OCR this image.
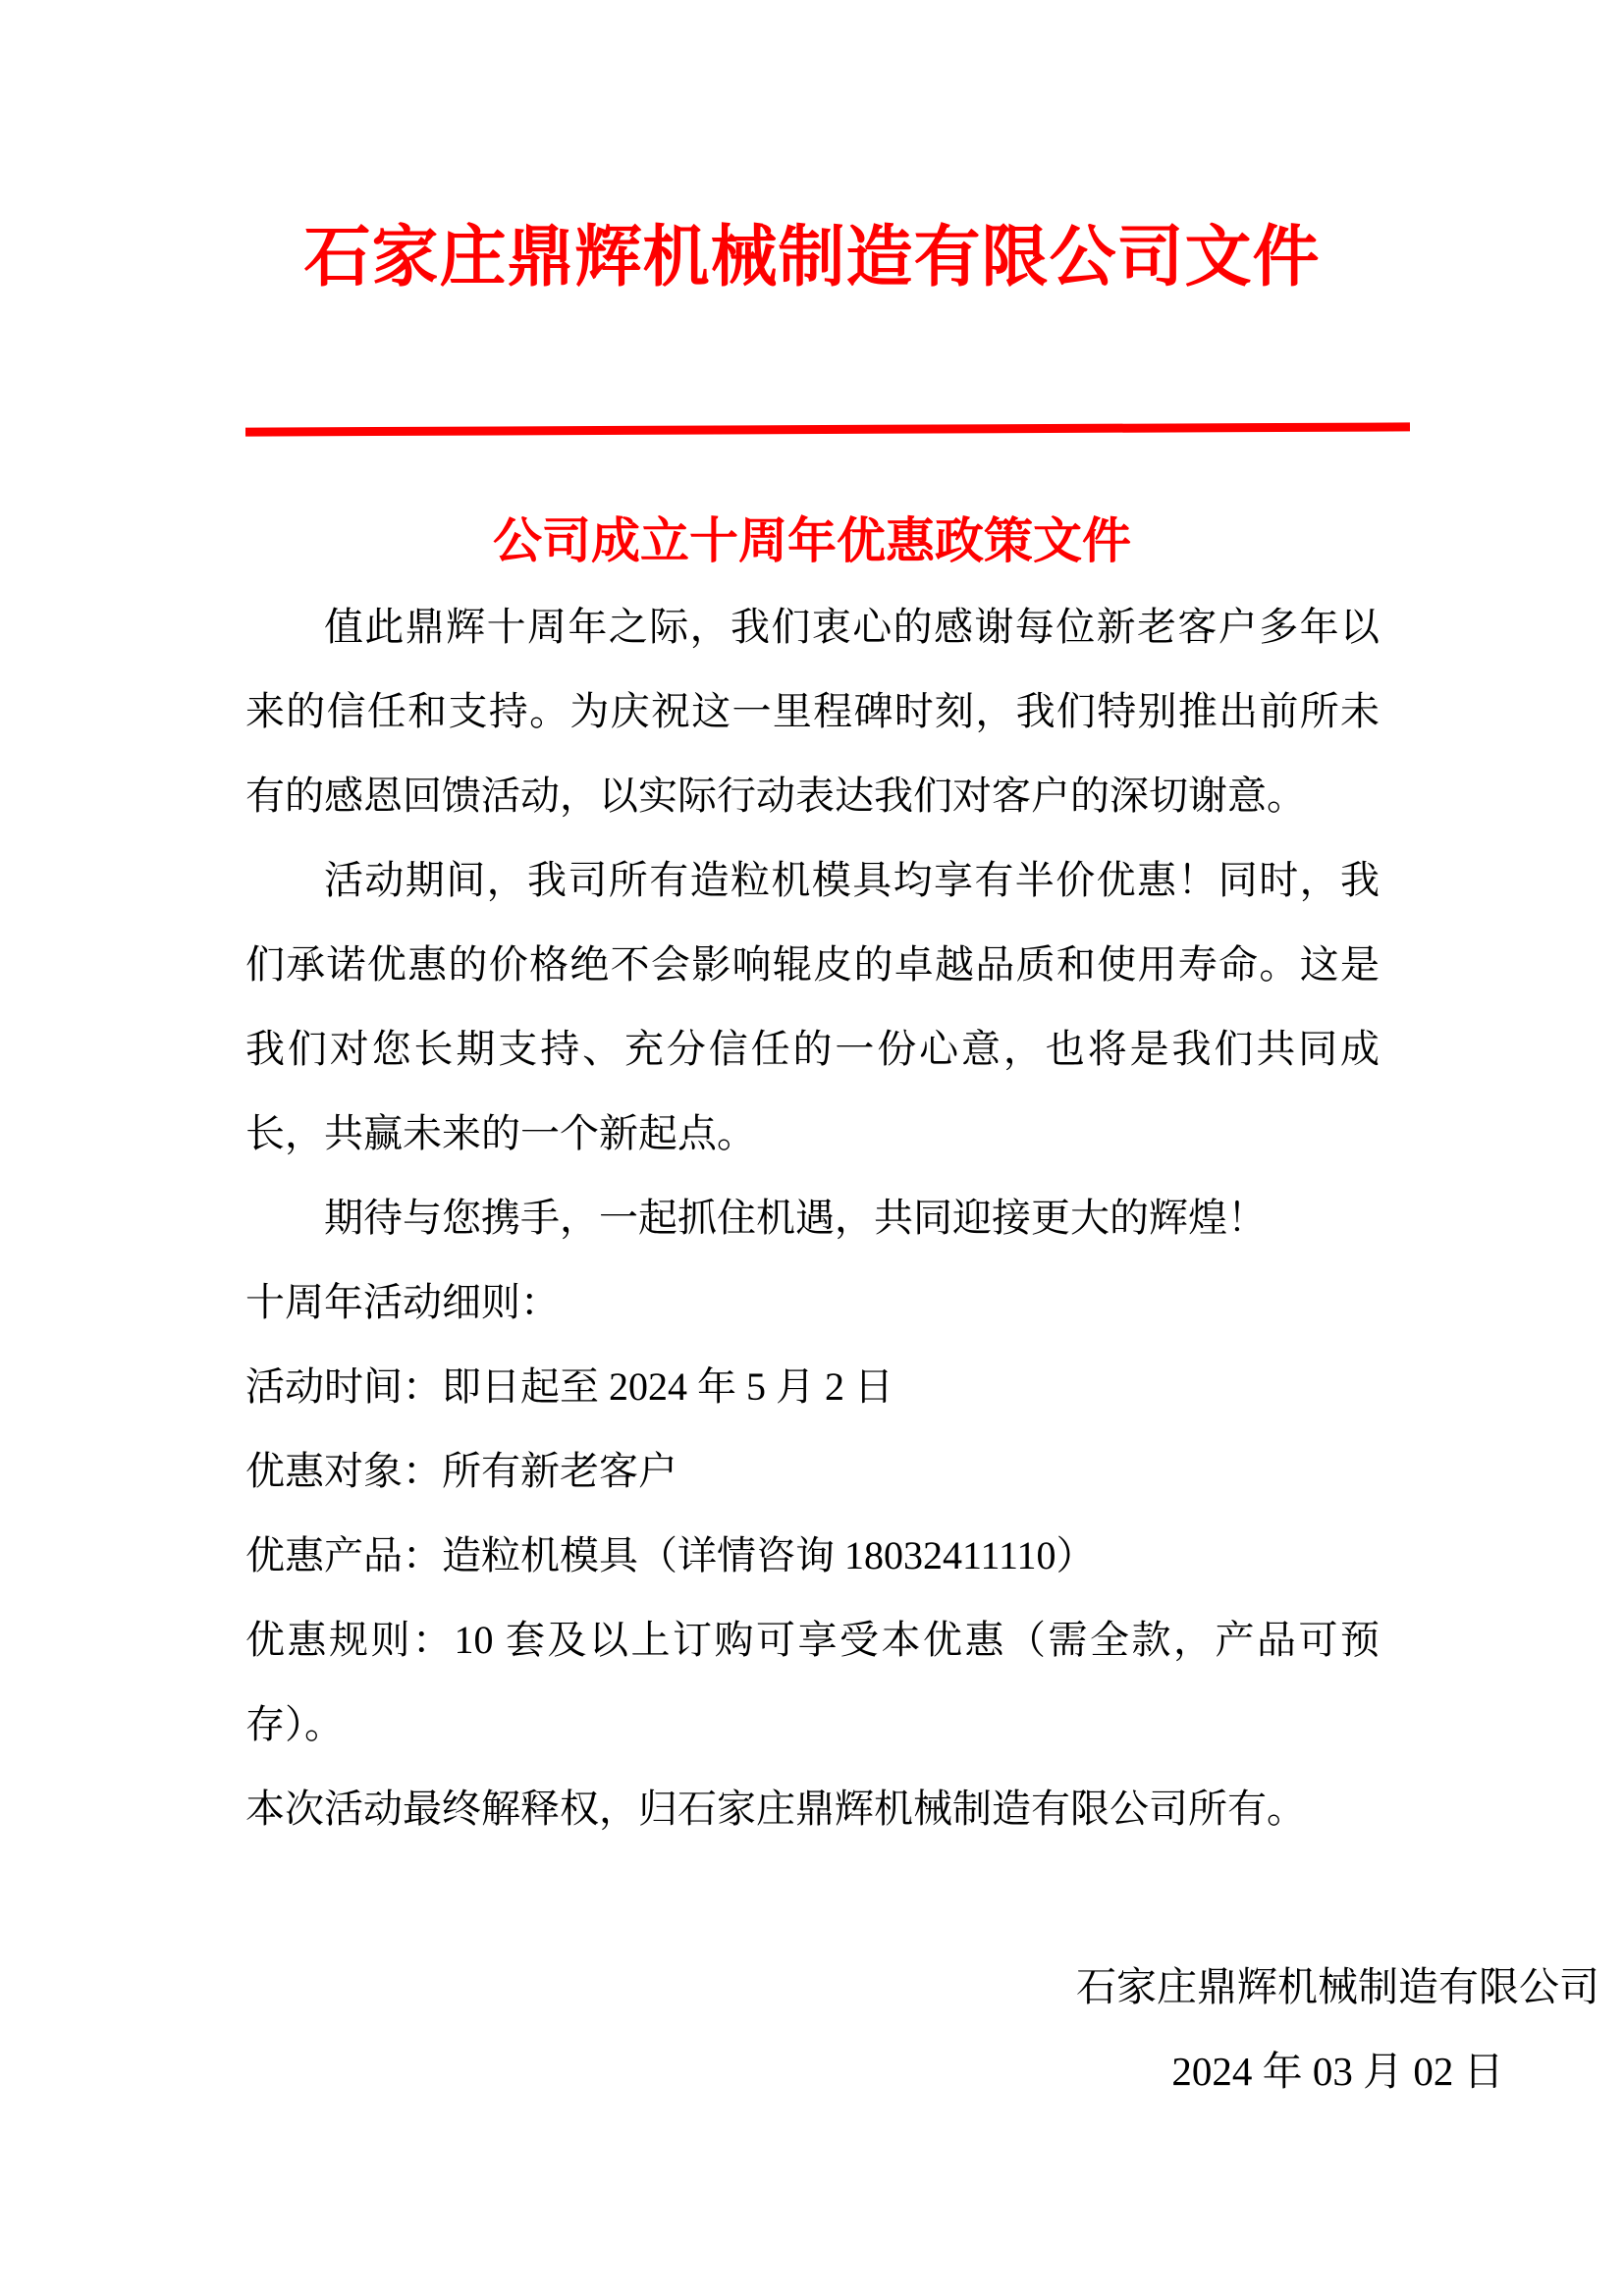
石家庄鼎辉机械制造有限公司文件
公司成立十周年优惠政策文件

值此鼎辉十周年之际，我们衷心的感谢每位新老客户多年以来的信任和支持。为庆祝这一里程碑时刻，我们特别推出前所未有的感恩回馈活动，以实际行动表达我们对客户的深切谢意。

活动期间，我司所有造粒机模具均享有半价优惠！同时，我们承诺优惠的价格绝不会影响辊皮的卓越品质和使用寿命。这是我们对您长期支持、充分信任的一份心意，也将是我们共同成长，共赢未来的一个新起点。

期待与您携手，一起抓住机遇，共同迎接更大的辉煌！

十周年活动细则：

活动时间：即日起至 2024 年 5 月 2 日

优惠对象：所有新老客户

优惠产品：造粒机模具（详情咨询 18032411110）

优惠规则：10 套及以上订购可享受本优惠（需全款，产品可预存）。

本次活动最终解释权，归石家庄鼎辉机械制造有限公司所有。

石家庄鼎辉机械制造有限公司
2024 年 03 月 02 日
